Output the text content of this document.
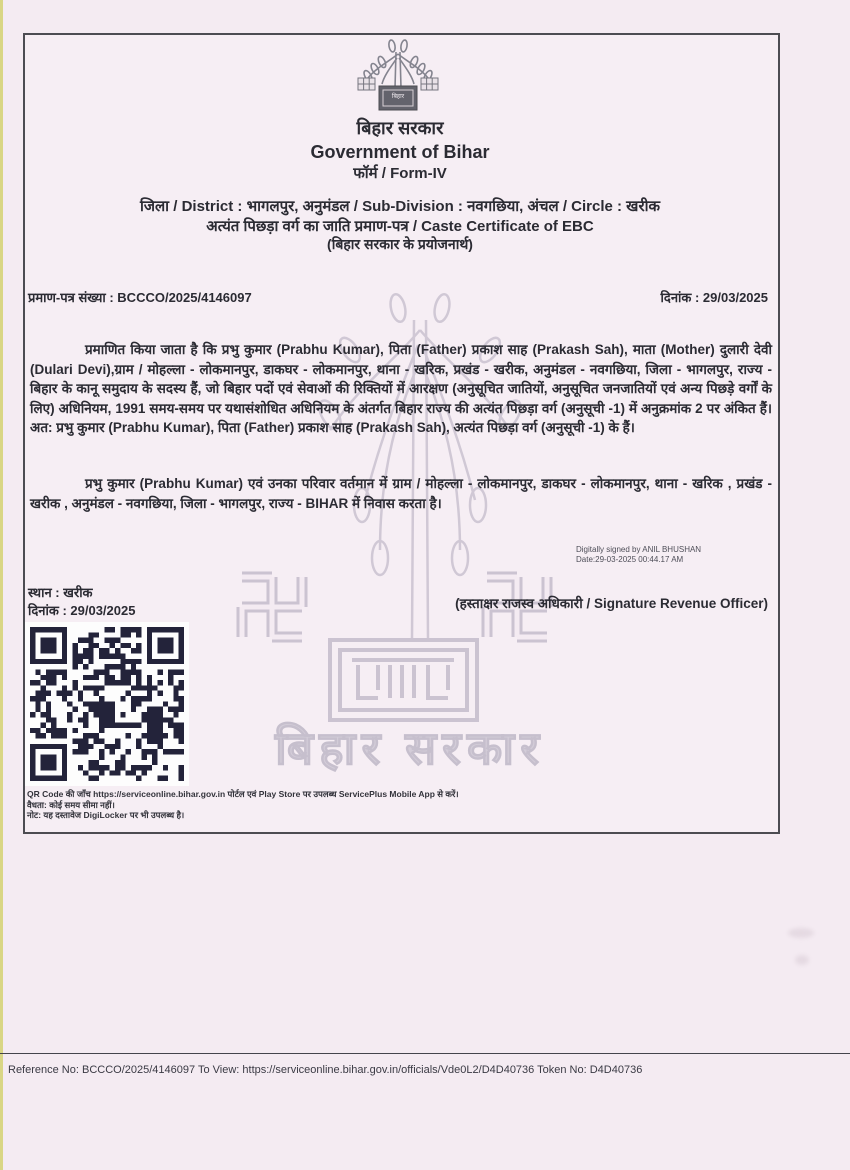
बिहार सरकार
बिहार
बिहार सरकार
Government of Bihar
फॉर्म / Form-IV
जिला / District : भागलपुर, अनुमंडल / Sub-Division : नवगछिया, अंचल / Circle : खरीक
अत्यंत पिछड़ा वर्ग का जाति प्रमाण-पत्र / Caste Certificate of EBC
(बिहार सरकार के प्रयोजनार्थ)
प्रमाण-पत्र संख्या : BCCCO/2025/4146097	दिनांक : 29/03/2025
प्रमाणित किया जाता है कि प्रभु कुमार (Prabhu Kumar), पिता (Father) प्रकाश साह (Prakash Sah), माता (Mother) दुलारी देवी (Dulari Devi),ग्राम / मोहल्ला - लोकमानपुर, डाकघर - लोकमानपुर, थाना - खरिक, प्रखंड - खरीक, अनुमंडल - नवगछिया, जिला - भागलपुर, राज्य - बिहार के कानू समुदाय के सदस्य हैं, जो बिहार पदों एवं सेवाओं की रिक्तियों में आरक्षण (अनुसूचित जातियों, अनुसूचित जनजातियों एवं अन्य पिछड़े वर्गों के लिए) अधिनियम, 1991 समय-समय पर यथासंशोधित अधिनियम के अंतर्गत बिहार राज्य की अत्यंत पिछड़ा वर्ग (अनुसूची -1) में अनुक्रमांक 2 पर अंकित हैं। अत: प्रभु कुमार (Prabhu Kumar), पिता (Father) प्रकाश साह (Prakash Sah), अत्यंत पिछड़ा वर्ग (अनुसूची -1) के हैं।
प्रभु कुमार (Prabhu Kumar) एवं उनका परिवार वर्तमान में ग्राम / मोहल्ला - लोकमानपुर, डाकघर - लोकमानपुर, थाना - खरिक , प्रखंड - खरीक , अनुमंडल - नवगछिया, जिला - भागलपुर, राज्य - BIHAR में निवास करता है।
Digitally signed by ANIL BHUSHAN
Date:29-03-2025 00:44.17 AM
स्थान : खरीक
दिनांक : 29/03/2025	(हस्ताक्षर राजस्व अधिकारी / Signature Revenue Officer)
QR Code की जाँच https://serviceonline.bihar.gov.in पोर्टल एवं Play Store पर उपलब्ध ServicePlus Mobile App से करें।
वैधता: कोई समय सीमा नहीं।
नोट: यह दस्तावेज DigiLocker पर भी उपलब्ध है।
Reference No: BCCCO/2025/4146097 To View: https://serviceonline.bihar.gov.in/officials/Vde0L2/D4D40736 Token No: D4D40736
